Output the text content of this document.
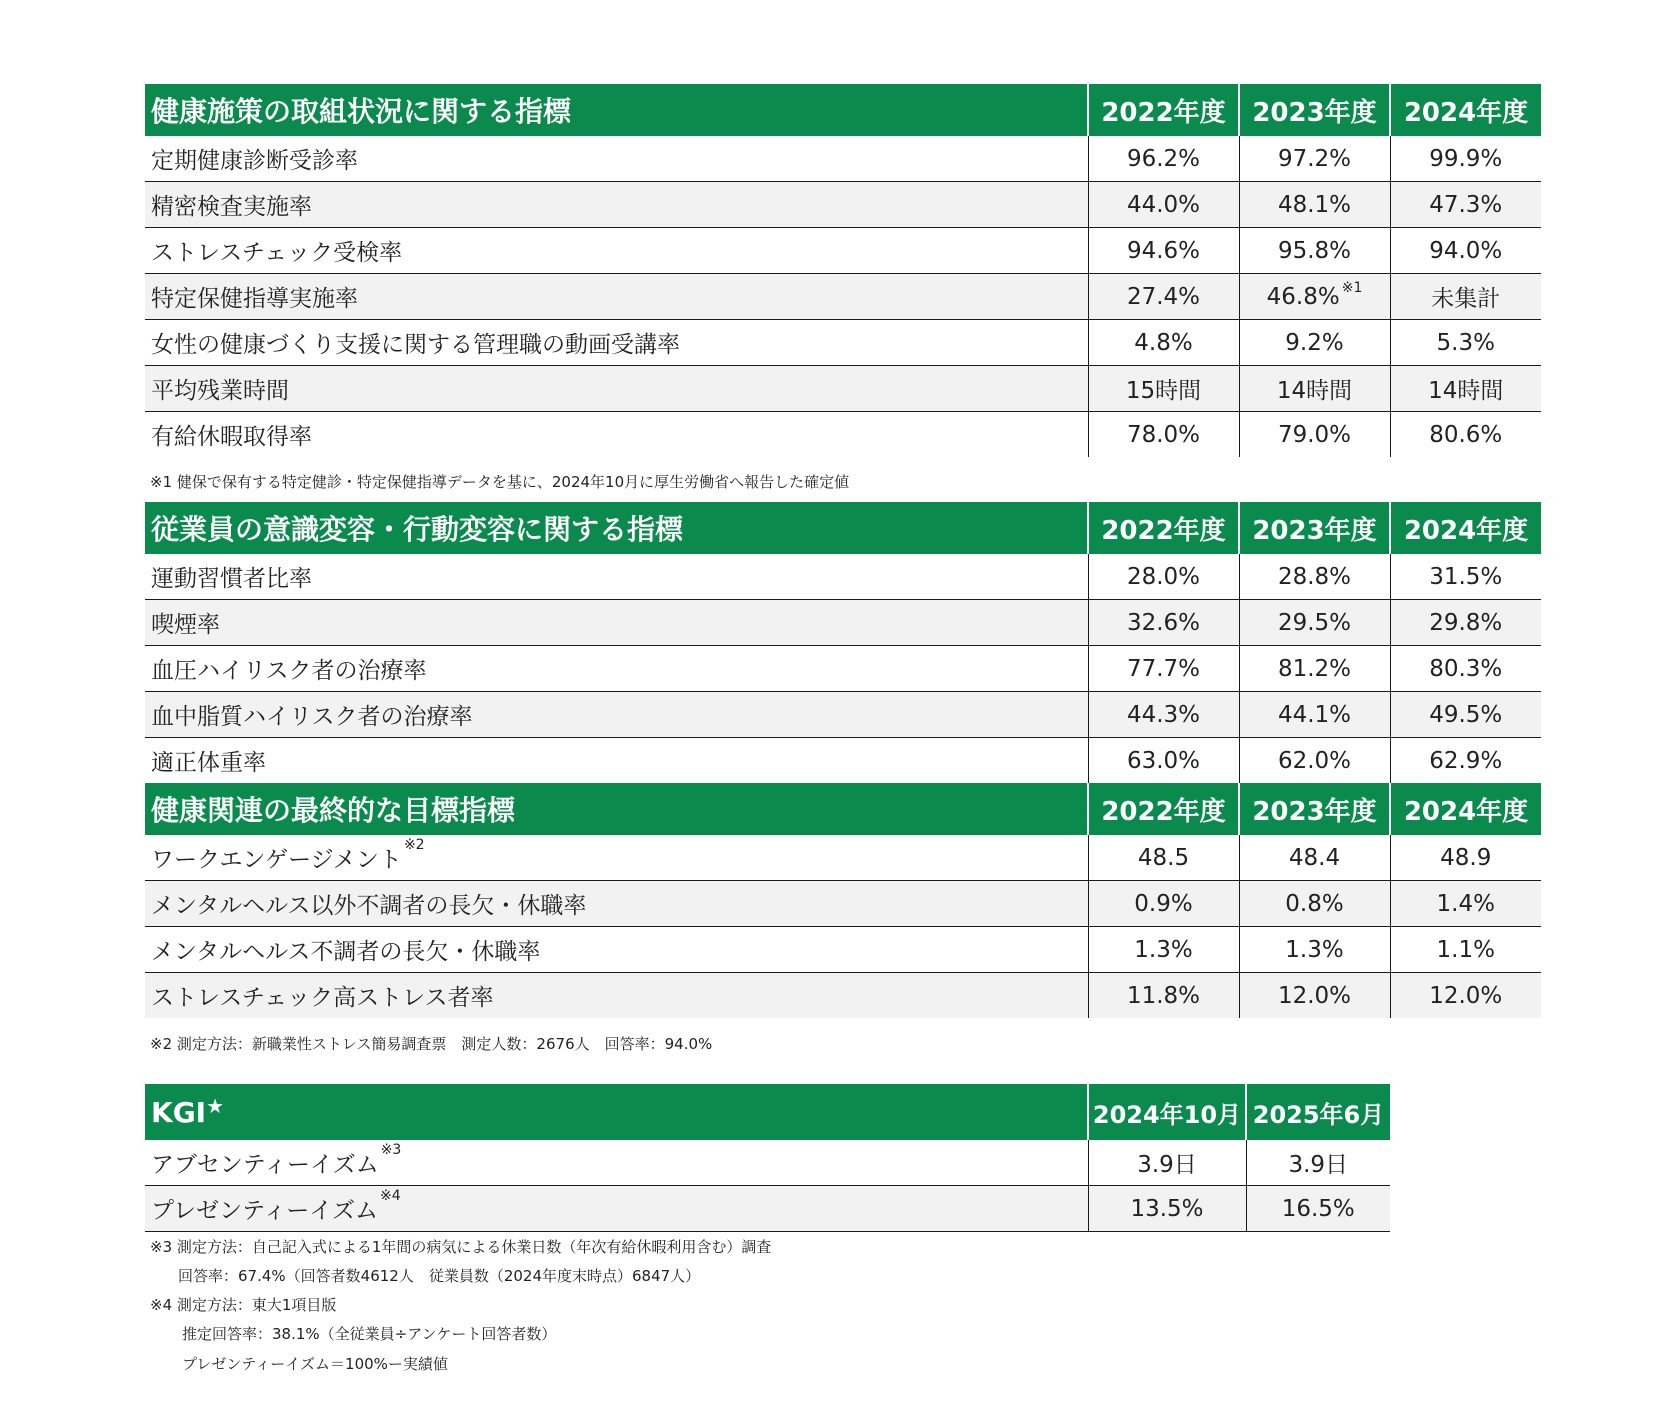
健康施策の取組状況に関する指標	2022年度	2023年度	2024年度
定期健康診断受診率	96.2%	97.2%	99.9%
精密検査実施率	44.0%	48.1%	47.3%
ストレスチェック受検率	94.6%	95.8%	94.0%
特定保健指導実施率	27.4%	46.8% $^{※1}$	未集計
女性の健康づくり支援に関する管理職の動画受講率	4.8%	9.2%	5.3%
平均残業時間	15時間	14時間	14時間
有給休暇取得率	78.0%	79.0%	80.6%
※1 健保で保有する特定健診・特定保健指導データを基に、2024年10月に厚生労働省へ報告した確定値
従業員の意識変容・行動変容に関する指標	2022年度	2023年度	2024年度
運動習慣者比率	28.0%	28.8%	31.5%
喫煙率	32.6%	29.5%	29.8%
血圧ハイリスク者の治療率	77.7%	81.2%	80.3%
血中脂質ハイリスク者の治療率	44.3%	44.1%	49.5%
適正体重率	63.0%	62.0%	62.9%
健康関連の最終的な目標指標	2022年度	2023年度	2024年度
ワークエンゲージメント$^{※2}$	48.5	48.4	48.9
メンタルヘルス以外不調者の長欠・休職率	0.9%	0.8%	1.4%
メンタルヘルス不調者の長欠・休職率	1.3%	1.3%	1.1%
ストレスチェック高ストレス者率	11.8%	12.0%	12.0%
※2 測定方法：新職業性ストレス簡易調査票　測定人数：2676人　回答率：94.0%
KGI★	2024年10月	2025年6月
アブセンティーイズム$^{※3}$	3.9日	3.9日
プレゼンティーイズム$^{※4}$	13.5%	16.5%
※3 測定方法：自己記入式による1年間の病気による休業日数（年次有給休暇利用含む）調査
回答率：67.4%（回答者数4612人　従業員数（2024年度末時点）6847人）
※4 測定方法：東大1項目版
推定回答率：38.1%（全従業員÷アンケート回答者数）
プレゼンティーイズム＝100%ー実績値
